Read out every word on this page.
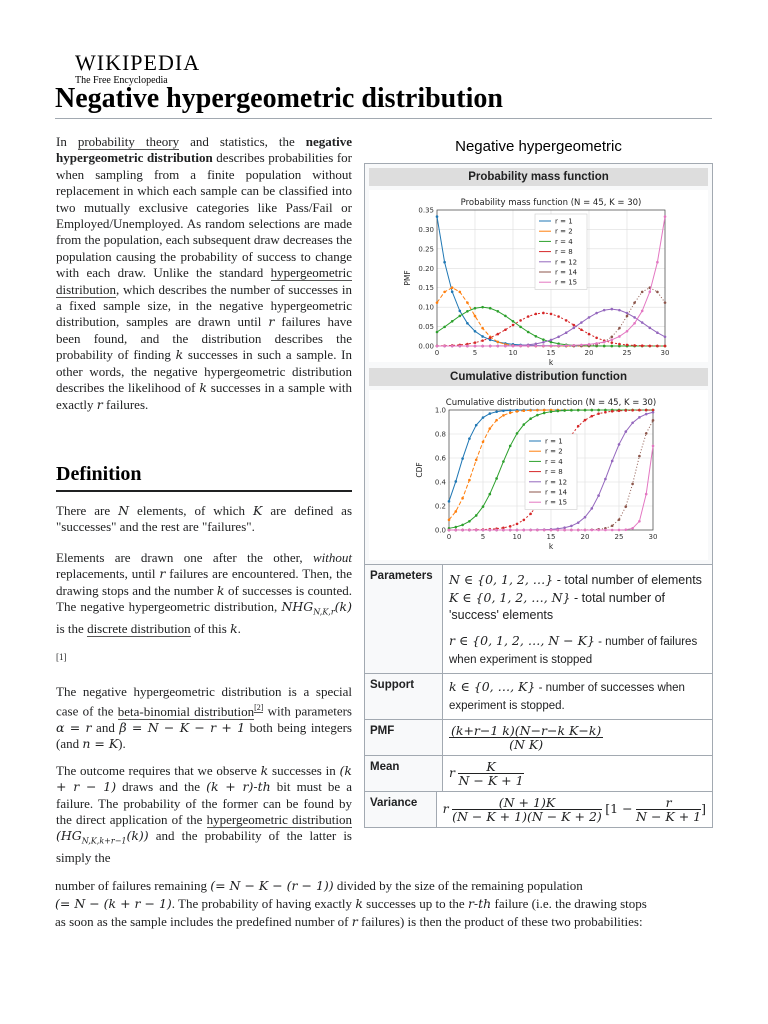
WIKIPEDIA
The Free Encyclopedia
Negative hypergeometric distribution

In probability theory and statistics, the negative hypergeometric distribution describes probabilities for when sampling from a finite population without replacement in which each sample can be classified into two mutually exclusive categories like Pass/Fail or Employed/Unemployed. As random selections are made from the population, each subsequent draw decreases the population causing the probability of success to change with each draw. Unlike the standard hypergeometric distribution, which describes the number of successes in a fixed sample size, in the negative hypergeometric distribution, samples are drawn until r failures have been found, and the distribution describes the probability of finding k successes in such a sample. In other words, the negative hypergeometric distribution describes the likelihood of k successes in a sample with exactly r failures.

Definition

There are N elements, of which K are defined as "successes" and the rest are "failures".

Elements are drawn one after the other, without replacements, until r failures are encountered. Then, the drawing stops and the number k of successes is counted. The negative hypergeometric distribution, $NHG_{N,K,r}(k)$ is the discrete distribution of this k.

[1]

The negative hypergeometric distribution is a special case of the beta-binomial distribution[2] with parameters α = r and β = N − K − r + 1 both being integers (and n = K).

The outcome requires that we observe k successes in (k + r − 1) draws and the (k + r)-th bit must be a failure. The probability of the former can be found by the direct application of the hypergeometric distribution $(HG_{N,K,k+r-1}(k))$ and the probability of the latter is simply the

number of failures remaining (= N − K − (r − 1)) divided by the size of the remaining population
(= N − (k + r − 1). The probability of having exactly k successes up to the r-th failure (i.e. the drawing stops
as soon as the sample includes the predefined number of r failures) is then the product of these two probabilities:
Negative hypergeometric
Probability mass function
Probability mass function (N = 45, K = 30)
0	5	10	15	20	25	30
0.00
0.05
0.10
0.15
0.20
0.25
0.30
0.35
k
PMF
r = 1
r = 2
r = 4
r = 8
r = 12
r = 14
r = 15
Cumulative distribution function
Cumulative distribution function (N = 45, K = 30)
0	5	10	15	20	25	30
0.0
0.2
0.4
0.6
0.8
1.0
k
CDF
r = 1
r = 2
r = 4
r = 8
r = 12
r = 14
r = 15
Parameters	N ∈ {0, 1, 2, …} - total number of elements
K ∈ {0, 1, 2, …, N} - total number of 'success' elements
r ∈ {0, 1, 2, …, N − K} - number of failures when experiment is stopped
Support	k ∈ {0, …, K} - number of successes when experiment is stopped.
PMF	$\frac{\text{(k+r−1 k)(N−r−k K−k)}}{\text{(N K)}}$
Mean	r $\frac{K}{N - K + 1}$
Variance	r $\frac{(N + 1)K}{(N - K + 1)(N - K + 2)} [1 - \frac{r}{N - K + 1}$ ]
